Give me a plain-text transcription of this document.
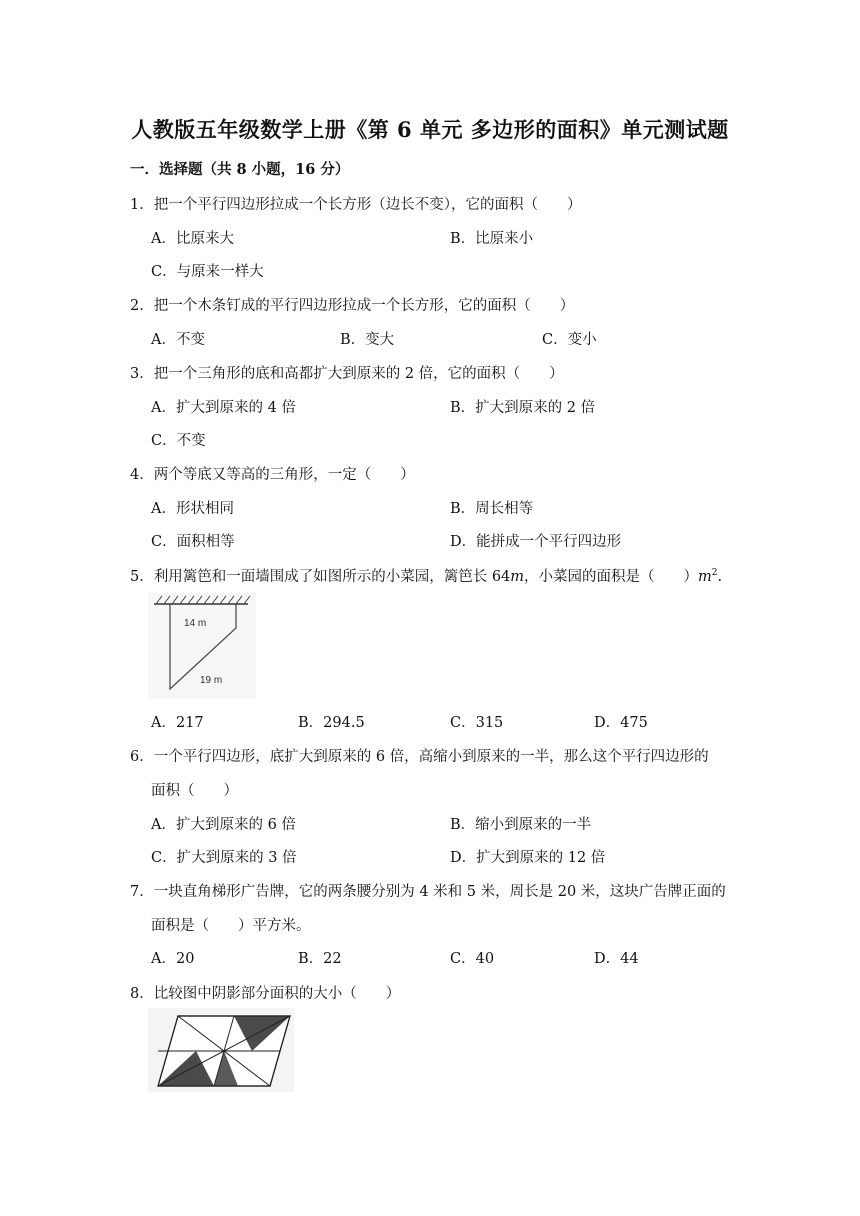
人教版五年级数学上册《第 6 单元 多边形的面积》单元测试题
一．选择题（共 8 小题，16 分）
1．把一个平行四边形拉成一个长方形（边长不变），它的面积（　　）
A．比原来大	B．比原来小
C．与原来一样大
2．把一个木条钉成的平行四边形拉成一个长方形，它的面积（　　）
A．不变	B．变大	C．变小
3．把一个三角形的底和高都扩大到原来的 2 倍，它的面积（　　）
A．扩大到原来的 4 倍	B．扩大到原来的 2 倍
C．不变
4．两个等底又等高的三角形，一定（　　）
A．形状相同	B．周长相等
C．面积相等	D．能拼成一个平行四边形
5．利用篱笆和一面墙围成了如图所示的小菜园，篱笆长 64m，小菜园的面积是（　　）$m^2$.
14 m
19 m
A．217	B．294.5	C．315	D．475
6．一个平行四边形，底扩大到原来的 6 倍，高缩小到原来的一半，那么这个平行四边形的
面积（　　）
A．扩大到原来的 6 倍	B．缩小到原来的一半
C．扩大到原来的 3 倍	D．扩大到原来的 12 倍
7．一块直角梯形广告牌，它的两条腰分别为 4 米和 5 米，周长是 20 米，这块广告牌正面的
面积是（　　）平方米。
A．20	B．22	C．40	D．44
8．比较图中阴影部分面积的大小（　　）
